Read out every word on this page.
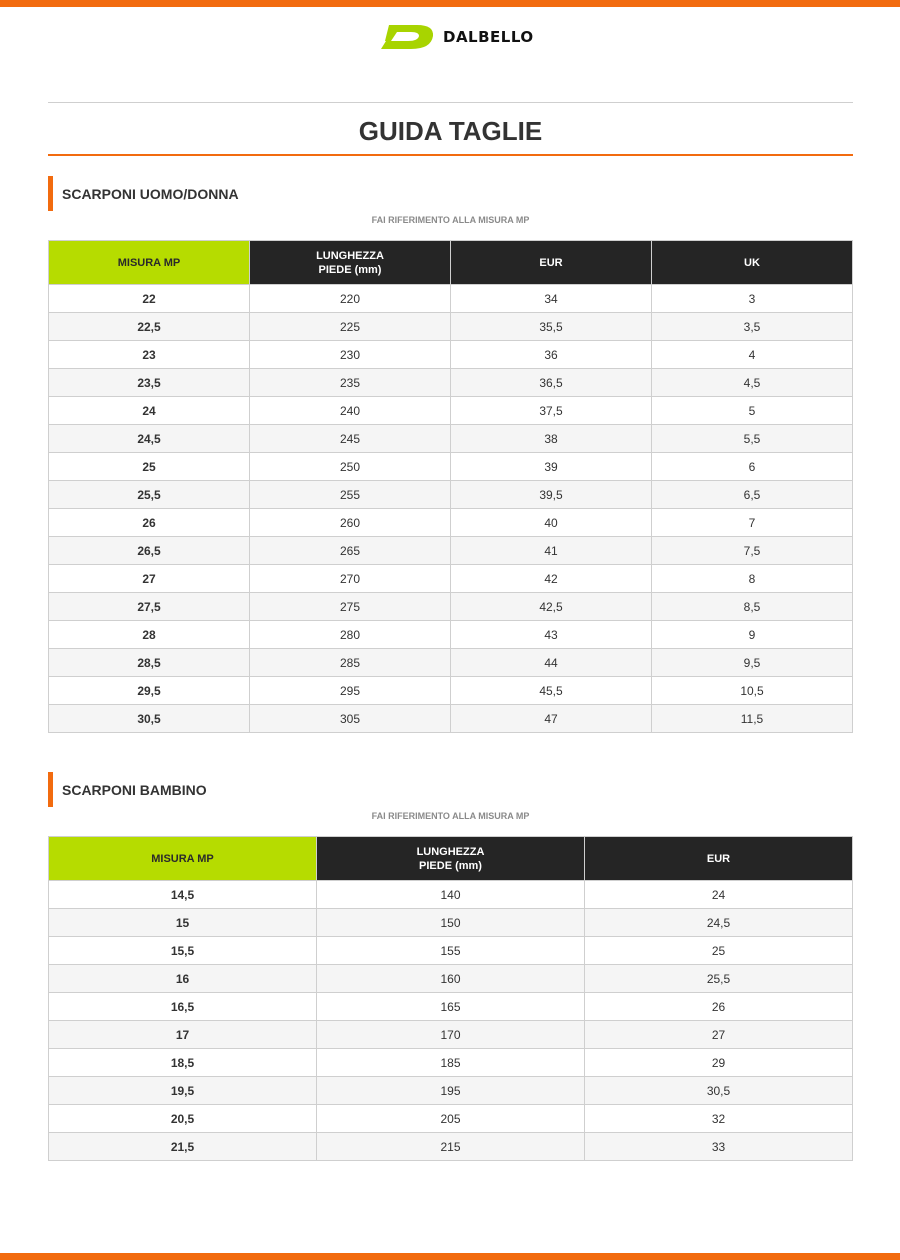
DALBELLO
GUIDA TAGLIE
SCARPONI UOMO/DONNA
FAI RIFERIMENTO ALLA MISURA MP
MISURA MP	LUNGHEZZA
PIEDE (mm)	EUR	UK
22	220	34	3
22,5	225	35,5	3,5
23	230	36	4
23,5	235	36,5	4,5
24	240	37,5	5
24,5	245	38	5,5
25	250	39	6
25,5	255	39,5	6,5
26	260	40	7
26,5	265	41	7,5
27	270	42	8
27,5	275	42,5	8,5
28	280	43	9
28,5	285	44	9,5
29,5	295	45,5	10,5
30,5	305	47	11,5
SCARPONI BAMBINO
FAI RIFERIMENTO ALLA MISURA MP
MISURA MP	LUNGHEZZA
PIEDE (mm)	EUR
14,5	140	24
15	150	24,5
15,5	155	25
16	160	25,5
16,5	165	26
17	170	27
18,5	185	29
19,5	195	30,5
20,5	205	32
21,5	215	33
